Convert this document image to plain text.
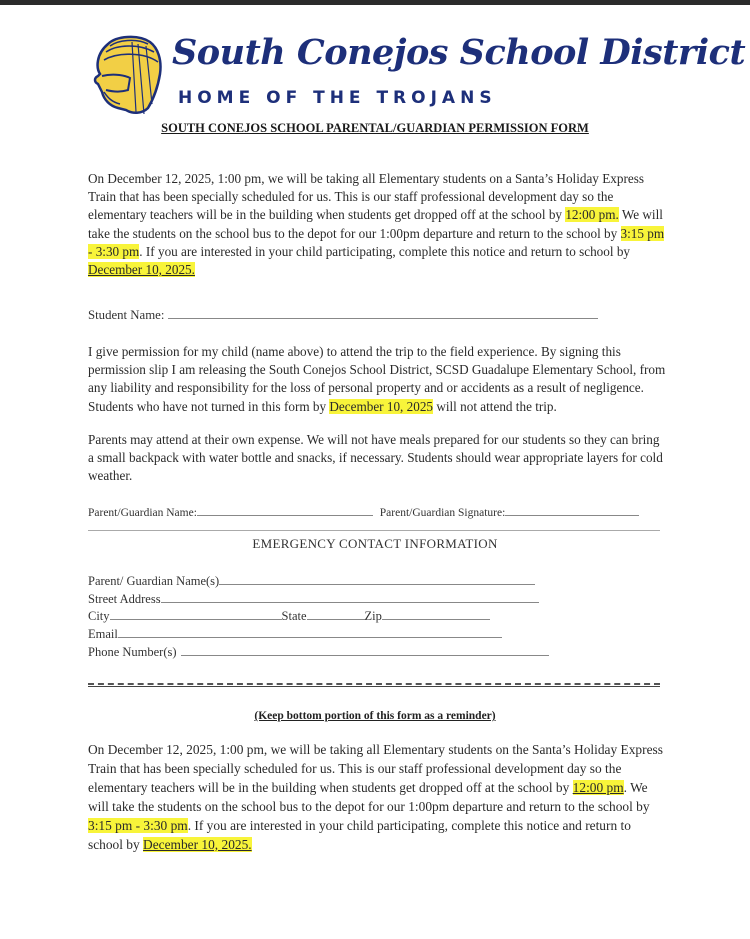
South Conejos School District
HOME OF THE TROJANS
SOUTH CONEJOS SCHOOL PARENTAL/GUARDIAN PERMISSION FORM
On December 12, 2025, 1:00 pm, we will be taking all Elementary students on a Santa’s Holiday Express Train that has been specially scheduled for us. This is our staff professional development day so the elementary teachers will be in the building when students get dropped off at the school by 12:00 pm. We will take the students on the school bus to the depot for our 1:00pm departure and return to the school by 3:15 pm - 3:30 pm. If you are interested in your child participating, complete this notice and return to school by December 10, 2025.
Student Name:
I give permission for my child (name above) to attend the trip to the field experience. By signing this permission slip I am releasing the South Conejos School District, SCSD Guadalupe Elementary School, from any liability and responsibility for the loss of personal property and or accidents as a result of negligence. Students who have not turned in this form by December 10, 2025 will not attend the trip.
Parents may attend at their own expense. We will not have meals prepared for our students so they can bring a small backpack with water bottle and snacks, if necessary. Students should wear appropriate layers for cold weather.
Parent/Guardian Name:	Parent/Guardian Signature:
EMERGENCY CONTACT INFORMATION
Parent/ Guardian Name(s)
Street Address
City	State	Zip
Email
Phone Number(s)
(Keep bottom portion of this form as a reminder)
On December 12, 2025, 1:00 pm, we will be taking all Elementary students on the Santa’s Holiday Express Train that has been specially scheduled for us. This is our staff professional development day so the elementary teachers will be in the building when students get dropped off at the school by 12:00 pm. We will take the students on the school bus to the depot for our 1:00pm departure and return to the school by 3:15 pm - 3:30 pm. If you are interested in your child participating, complete this notice and return to school by December 10, 2025.
